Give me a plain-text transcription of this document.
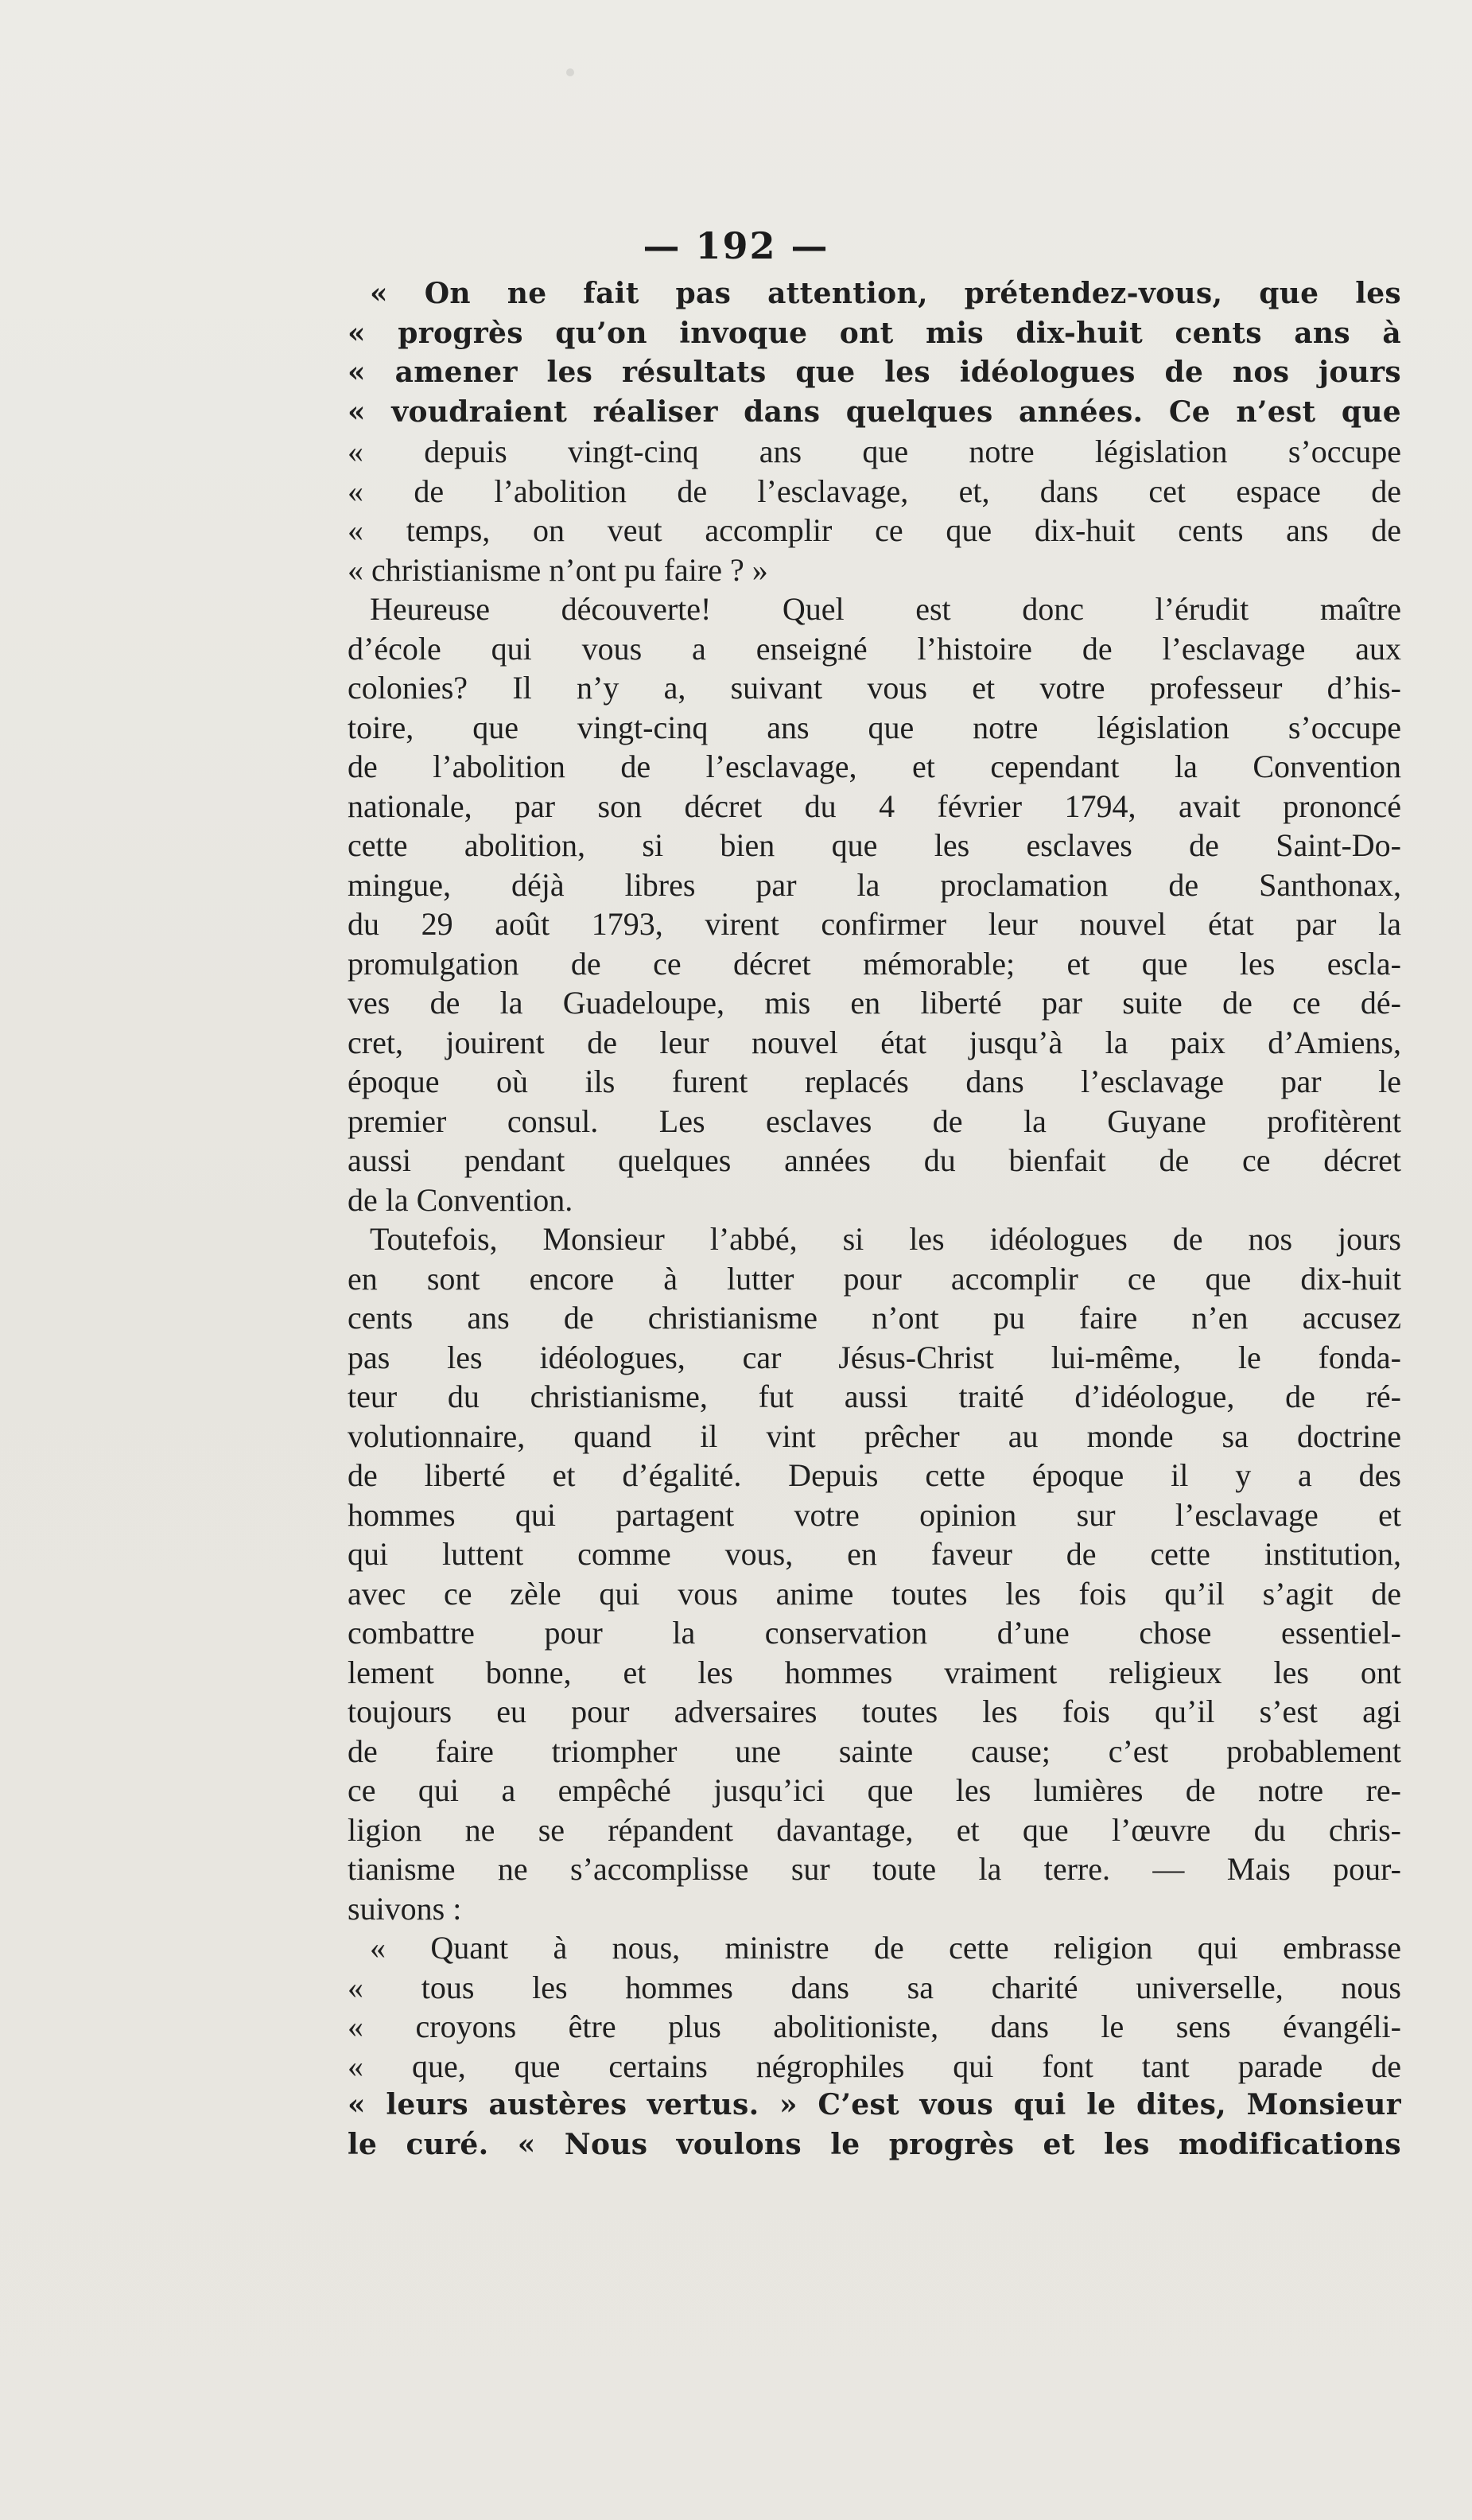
— 192 —
« On ne fait pas attention, prétendez-vous, que les
« progrès qu’on invoque ont mis dix-huit cents ans à
« amener les résultats que les idéologues de nos jours
« voudraient réaliser dans quelques années. Ce n’est que
« depuis vingt-cinq ans que notre législation s’occupe
« de l’abolition de l’esclavage, et, dans cet espace de
« temps, on veut accomplir ce que dix-huit cents ans de
« christianisme n’ont pu faire ? »
Heureuse découverte! Quel est donc l’érudit maître
d’école qui vous a enseigné l’histoire de l’esclavage aux
colonies? Il n’y a, suivant vous et votre professeur d’his-
toire, que vingt-cinq ans que notre législation s’occupe
de l’abolition de l’esclavage, et cependant la Convention
nationale, par son décret du 4 février 1794, avait prononcé
cette abolition, si bien que les esclaves de Saint-Do-
mingue, déjà libres par la proclamation de Santhonax,
du 29 août 1793, virent confirmer leur nouvel état par la
promulgation de ce décret mémorable; et que les escla-
ves de la Guadeloupe, mis en liberté par suite de ce dé-
cret, jouirent de leur nouvel état jusqu’à la paix d’Amiens,
époque où ils furent replacés dans l’esclavage par le
premier consul. Les esclaves de la Guyane profitèrent
aussi pendant quelques années du bienfait de ce décret
de la Convention.
Toutefois, Monsieur l’abbé, si les idéologues de nos jours
en sont encore à lutter pour accomplir ce que dix-huit
cents ans de christianisme n’ont pu faire n’en accusez
pas les idéologues, car Jésus-Christ lui-même, le fonda-
teur du christianisme, fut aussi traité d’idéologue, de ré-
volutionnaire, quand il vint prêcher au monde sa doctrine
de liberté et d’égalité. Depuis cette époque il y a des
hommes qui partagent votre opinion sur l’esclavage et
qui luttent comme vous, en faveur de cette institution,
avec ce zèle qui vous anime toutes les fois qu’il s’agit de
combattre pour la conservation d’une chose essentiel-
lement bonne, et les hommes vraiment religieux les ont
toujours eu pour adversaires toutes les fois qu’il s’est agi
de faire triompher une sainte cause; c’est probablement
ce qui a empêché jusqu’ici que les lumières de notre re-
ligion ne se répandent davantage, et que l’œuvre du chris-
tianisme ne s’accomplisse sur toute la terre. — Mais pour-
suivons :
« Quant à nous, ministre de cette religion qui embrasse
« tous les hommes dans sa charité universelle, nous
« croyons être plus abolitioniste, dans le sens évangéli-
« que, que certains négrophiles qui font tant parade de
« leurs austères vertus. » C’est vous qui le dites, Monsieur
le curé. « Nous voulons le progrès et les modifications
